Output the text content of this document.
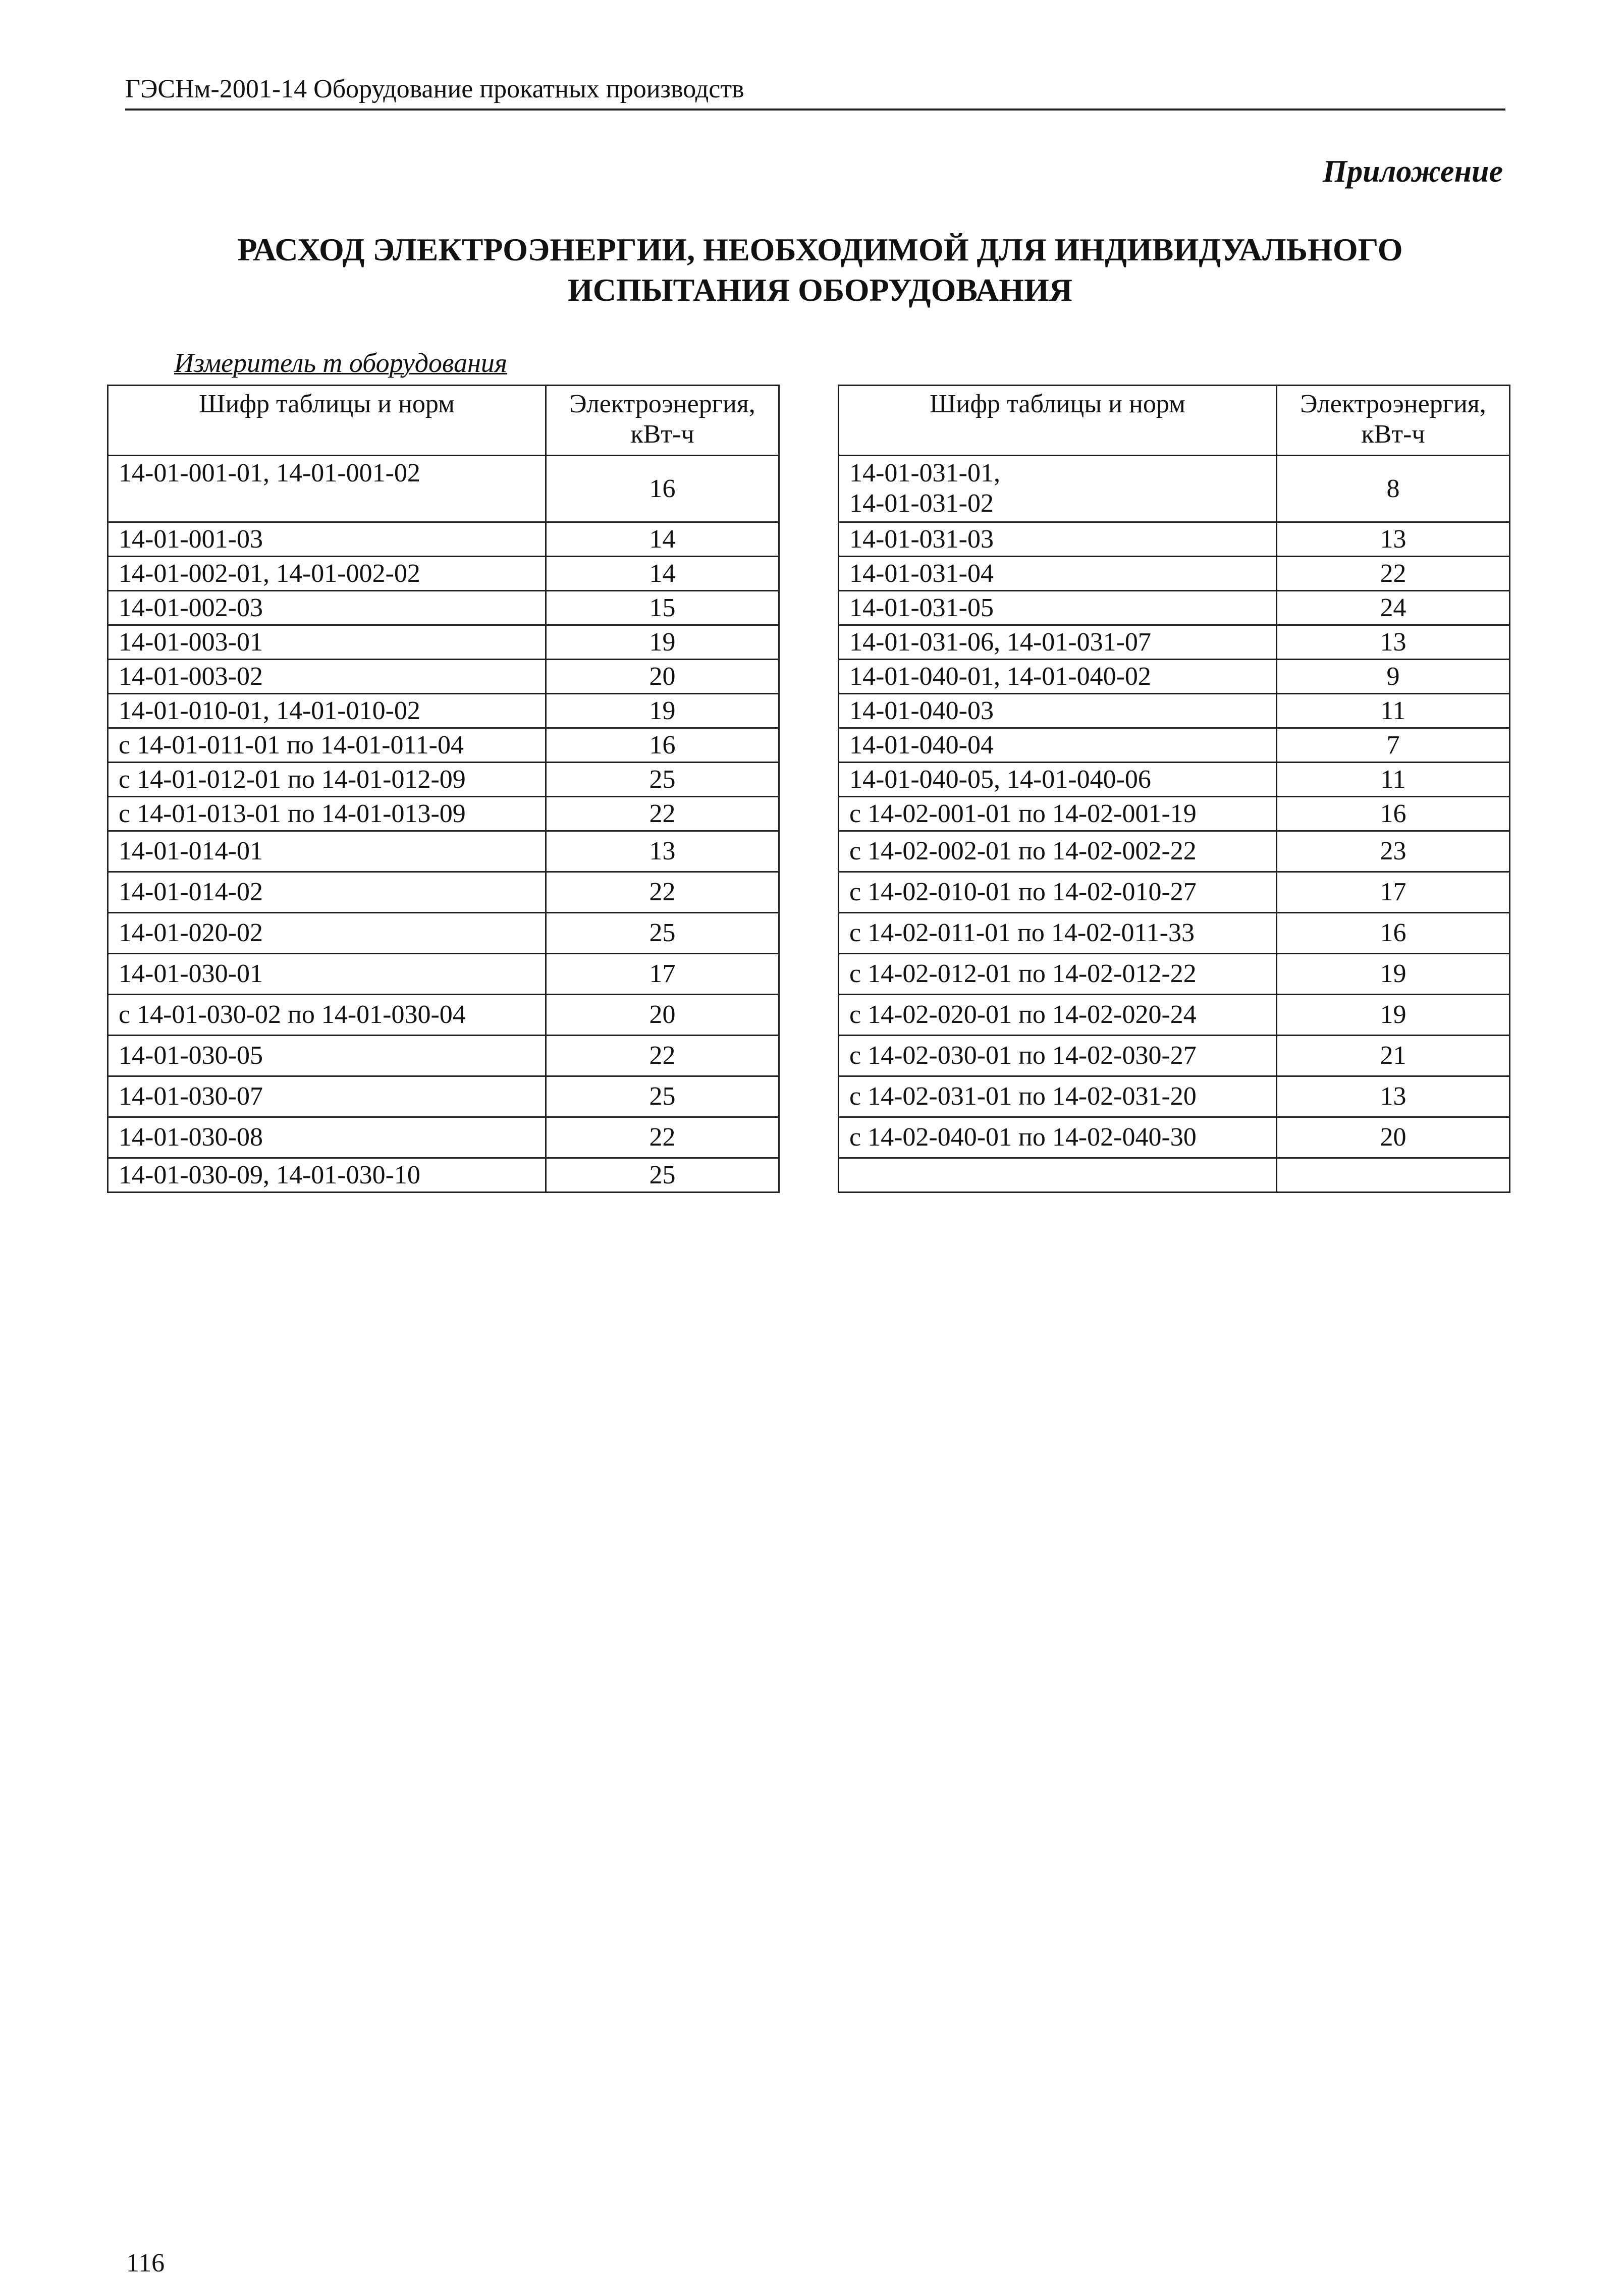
ГЭСНм-2001-14 Оборудование прокатных производств
Приложение
РАСХОД ЭЛЕКТРОЭНЕРГИИ, НЕОБХОДИМОЙ ДЛЯ ИНДИВИДУАЛЬНОГО
ИСПЫТАНИЯ ОБОРУДОВАНИЯ
Измеритель т оборудования
Шифр таблицы и норм	Электроэнергия,
кВт-ч

14-01-001-01, 14-01-001-02	16
14-01-001-03	14
14-01-002-01, 14-01-002-02	14
14-01-002-03	15
14-01-003-01	19
14-01-003-02	20
14-01-010-01, 14-01-010-02	19
с 14-01-011-01 по 14-01-011-04	16
с 14-01-012-01 по 14-01-012-09	25
с 14-01-013-01 по 14-01-013-09	22
14-01-014-01	13
14-01-014-02	22
14-01-020-02	25
14-01-030-01	17
с 14-01-030-02 по 14-01-030-04	20
14-01-030-05	22
14-01-030-07	25
14-01-030-08	22
14-01-030-09, 14-01-030-10	25
Шифр таблицы и норм	Электроэнергия,
кВт-ч

14-01-031-01,
14-01-031-02	8
14-01-031-03	13
14-01-031-04	22
14-01-031-05	24
14-01-031-06, 14-01-031-07	13
14-01-040-01, 14-01-040-02	9
14-01-040-03	11
14-01-040-04	7
14-01-040-05, 14-01-040-06	11
с 14-02-001-01 по 14-02-001-19	16
с 14-02-002-01 по 14-02-002-22	23
с 14-02-010-01 по 14-02-010-27	17
с 14-02-011-01 по 14-02-011-33	16
с 14-02-012-01 по 14-02-012-22	19
с 14-02-020-01 по 14-02-020-24	19
с 14-02-030-01 по 14-02-030-27	21
с 14-02-031-01 по 14-02-031-20	13
с 14-02-040-01 по 14-02-040-30	20

116
